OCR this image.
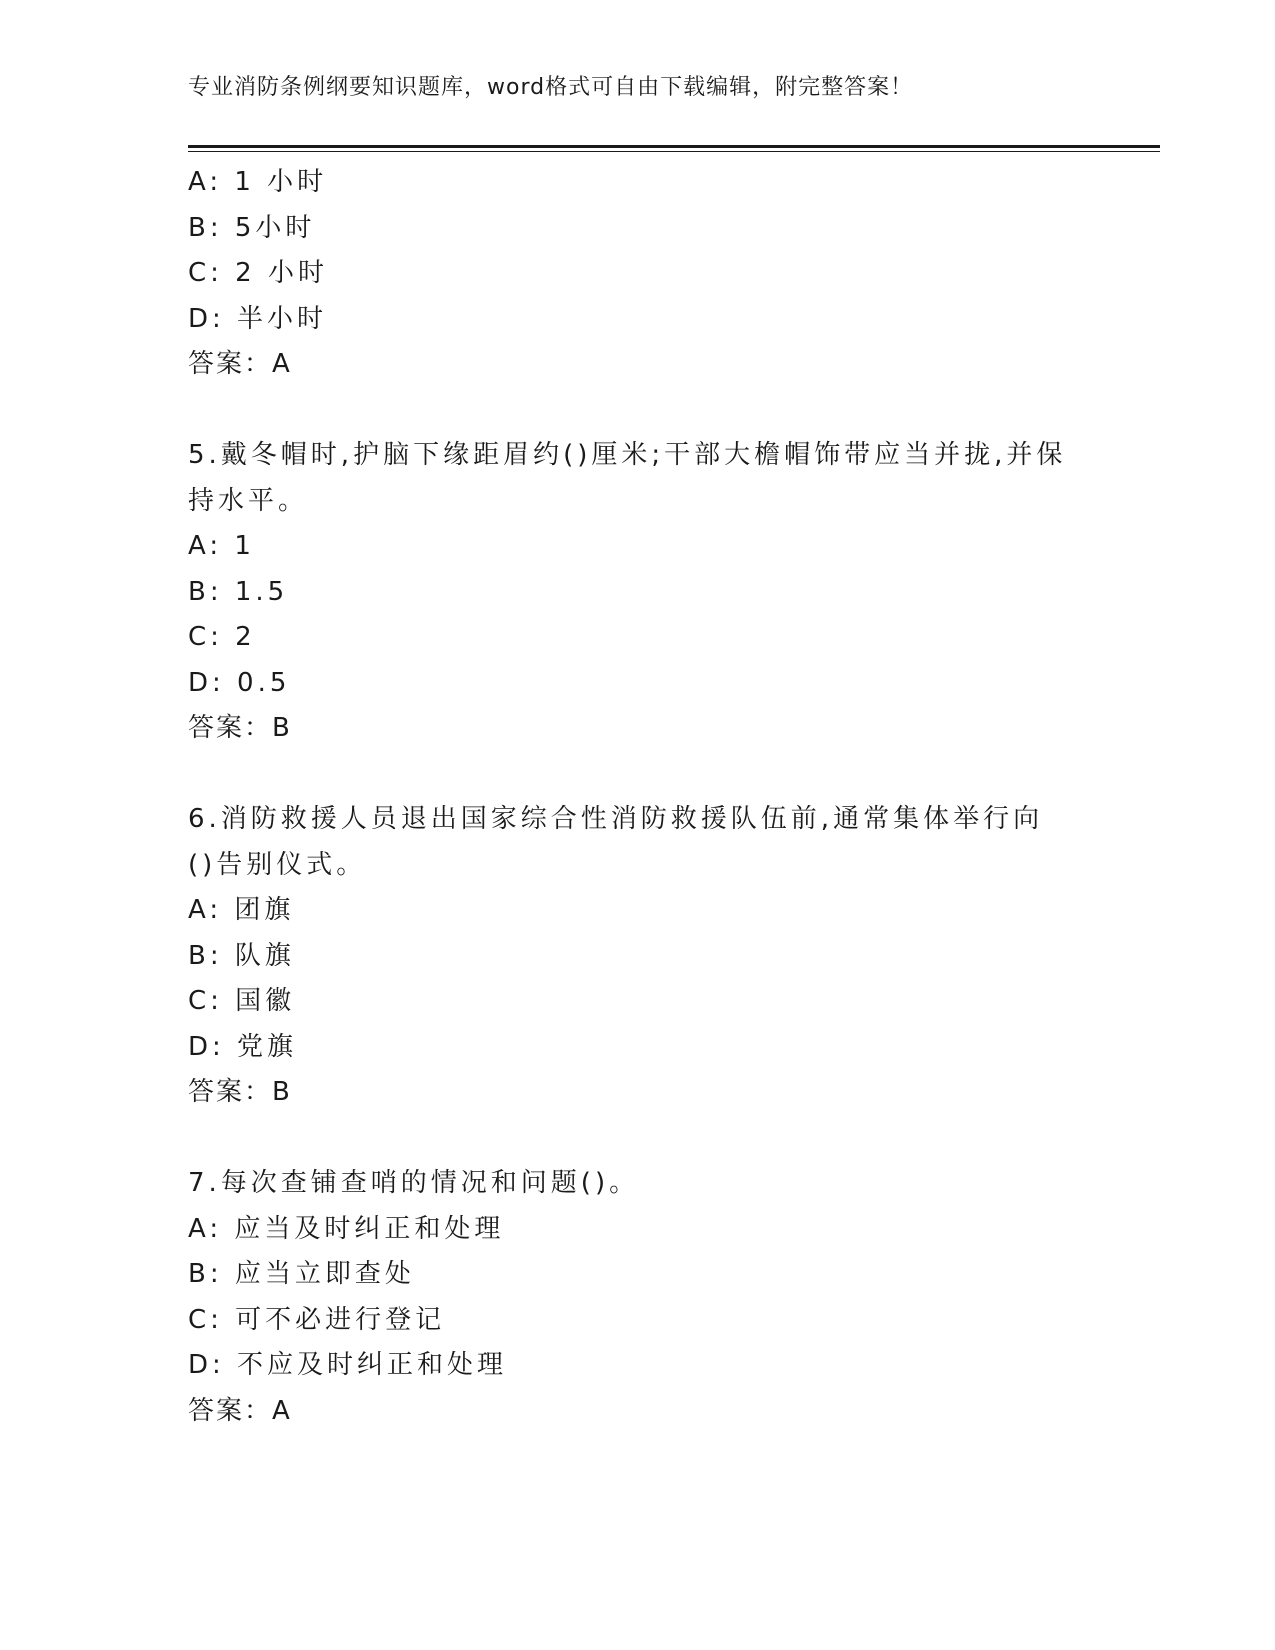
专业消防条例纲要知识题库，word格式可自由下载编辑，附完整答案！
A: 1 小时
B: 5小时
C: 2 小时
D: 半小时
答案：A
5.戴冬帽时,护脑下缘距眉约()厘米;干部大檐帽饰带应当并拢,并保持水平。
A: 1
B: 1.5
C: 2
D: 0.5
答案：B
6.消防救援人员退出国家综合性消防救援队伍前,通常集体举行向()告别仪式。
A: 团旗
B: 队旗
C: 国徽
D: 党旗
答案：B
7.每次查铺查哨的情况和问题()。
A: 应当及时纠正和处理
B: 应当立即查处
C: 可不必进行登记
D: 不应及时纠正和处理
答案：A
